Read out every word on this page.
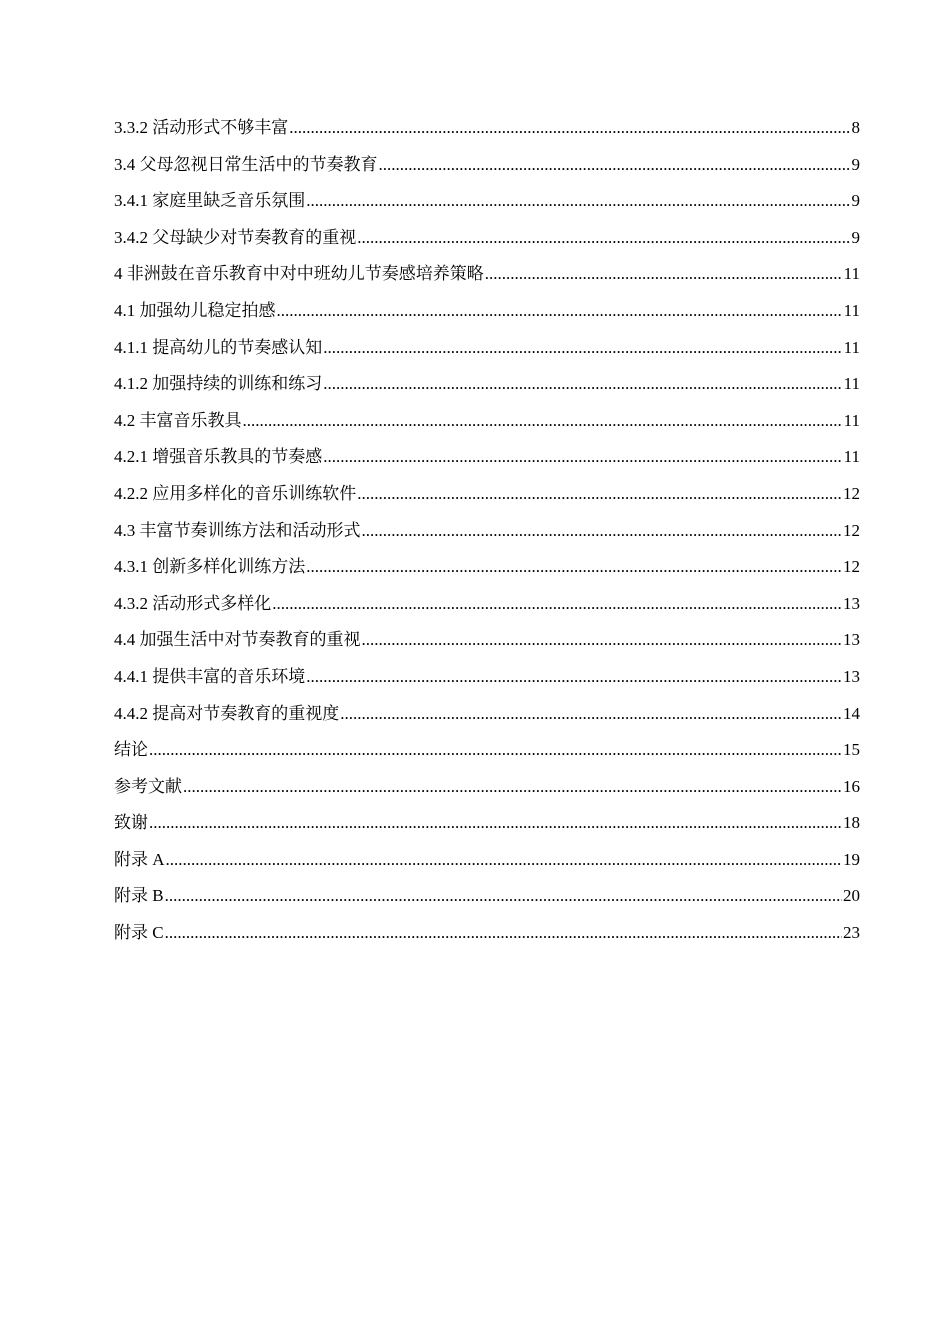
3.3.2 活动形式不够丰富 .....	8
3.4 父母忽视日常生活中的节奏教育 .....	9
3.4.1 家庭里缺乏音乐氛围 .....	9
3.4.2 父母缺少对节奏教育的重视 .....	9
4 非洲鼓在音乐教育中对中班幼儿节奏感培养策略 .....	11
4.1 加强幼儿稳定拍感 .....	11
4.1.1 提高幼儿的节奏感认知 .....	11
4.1.2 加强持续的训练和练习 .....	11
4.2 丰富音乐教具 .....	11
4.2.1 增强音乐教具的节奏感 .....	11
4.2.2 应用多样化的音乐训练软件 .....	12
4.3 丰富节奏训练方法和活动形式 .....	12
4.3.1 创新多样化训练方法 .....	12
4.3.2 活动形式多样化 .....	13
4.4 加强生活中对节奏教育的重视 .....	13
4.4.1 提供丰富的音乐环境 .....	13
4.4.2 提高对节奏教育的重视度 .....	14
结论 .....	15
参考文献 .....	16
致谢 .....	18
附录 A .....	19
附录 B .....	20
附录 C .....	23
